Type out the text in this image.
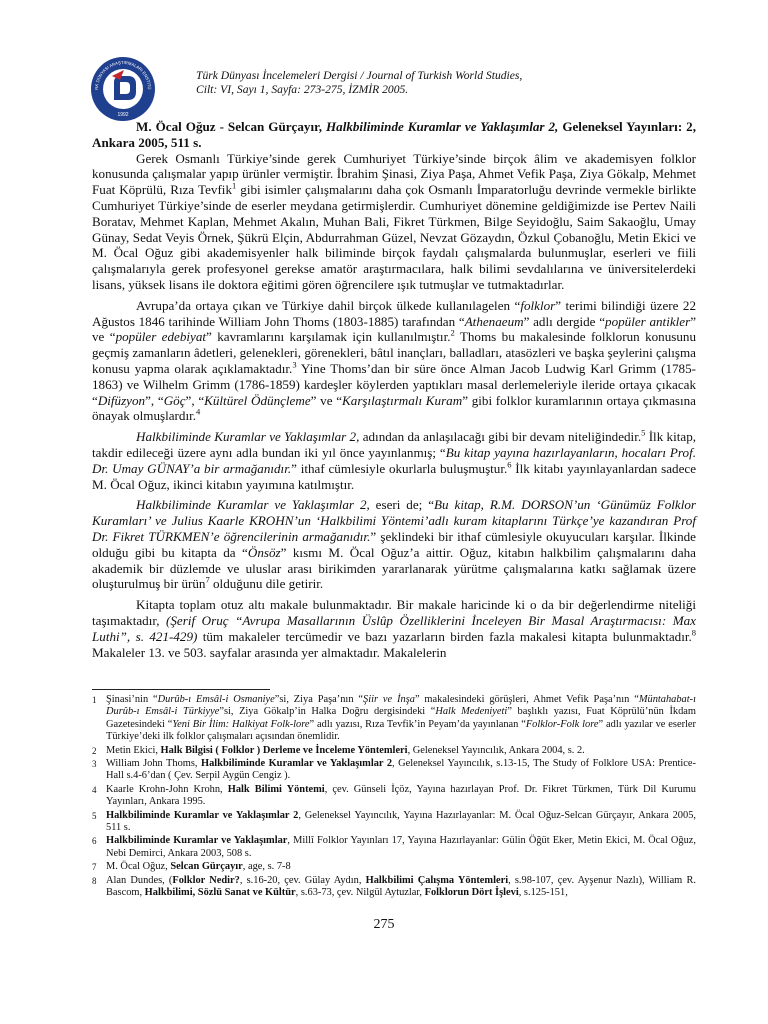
1992
RK DÜNYASI ARAŞTIRMALARI ENSTİTÜ
Türk Dünyası İncelemeleri Dergisi / Journal of Turkish World Studies,
Cilt: VI, Sayı 1, Sayfa: 273-275, İZMİR 2005.

M. Öcal Oğuz - Selcan Gürçayır, Halkbiliminde Kuramlar ve Yaklaşımlar 2, Geleneksel Yayınları: 2, Ankara 2005, 511 s.

Gerek Osmanlı Türkiye’sinde gerek Cumhuriyet Türkiye’sinde birçok âlim ve akademisyen folklor konusunda çalışmalar yapıp ürünler vermiştir. İbrahim Şinasi, Ziya Paşa, Ahmet Vefik Paşa, Ziya Gökalp, Mehmet Fuat Köprülü, Rıza Tevfik$^1$ gibi isimler çalışmalarını daha çok Osmanlı İmparatorluğu devrinde vermekle birlikte Cumhuriyet Türkiye’sinde de eserler meydana getirmişlerdir. Cumhuriyet dönemine geldiğimizde ise Pertev Naili Boratav, Mehmet Kaplan, Mehmet Akalın, Muhan Bali, Fikret Türkmen, Bilge Seyidoğlu, Saim Sakaoğlu, Umay Günay, Sedat Veyis Örnek, Şükrü Elçin, Abdurrahman Güzel, Nevzat Gözaydın, Özkul Çobanoğlu, Metin Ekici ve M. Öcal Oğuz gibi akademisyenler halk biliminde birçok faydalı çalışmalarda bulunmuşlar, eserleri ve fiili çalışmalarıyla gerek profesyonel gerekse amatör araştırmacılara, halk bilimi sevdalılarına ve üniversitelerdeki lisans, yüksek lisans ile doktora eğitimi gören öğrencilere ışık tutmuşlar ve tutmaktadırlar.

Avrupa’da ortaya çıkan ve Türkiye dahil birçok ülkede kullanılagelen “folklor” terimi bilindiği üzere 22 Ağustos 1846 tarihinde William John Thoms (1803-1885) tarafından “Athenaeum” adlı dergide “popüler antikler” ve “popüler edebiyat” kavramlarını karşılamak için kullanılmıştır.$^2$ Thoms bu makalesinde folklorun konusunu geçmiş zamanların âdetleri, gelenekleri, görenekleri, bâtıl inançları, balladları, atasözleri ve başka şeylerini çalışma konusu yapma olarak açıklamaktadır.$^3$ Yine Thoms’dan bir süre önce Alman Jacob Ludwig Karl Grimm (1785-1863) ve Wilhelm Grimm (1786-1859) kardeşler köylerden yaptıkları masal derlemeleriyle ileride ortaya çıkacak “Difüzyon”, “Göç”, “Kültürel Ödünçleme” ve “Karşılaştırmalı Kuram” gibi folklor kuramlarının ortaya çıkmasına önayak olmuşlardır.$^4$

Halkbiliminde Kuramlar ve Yaklaşımlar 2, adından da anlaşılacağı gibi bir devam niteliğindedir.$^5$ İlk kitap, takdir edileceği üzere aynı adla bundan iki yıl önce yayınlanmış; “Bu kitap yayına hazırlayanların, hocaları Prof. Dr. Umay GÜNAY’a bir armağanıdır.” ithaf cümlesiyle okurlarla buluşmuştur.$^6$ İlk kitabı yayınlayanlardan sadece M. Öcal Oğuz, ikinci kitabın yayımına katılmıştır.

Halkbiliminde Kuramlar ve Yaklaşımlar 2, eseri de; “Bu kitap, R.M. DORSON’un ‘Günümüz Folklor Kuramları’ ve Julius Kaarle KROHN’un ‘Halkbilimi Yöntemi’adlı kuram kitaplarını Türkçe’ye kazandıran Prof Dr. Fikret TÜRKMEN’e öğrencilerinin armağanıdır.” şeklindeki bir ithaf cümlesiyle okuyucuları karşılar. İlkinde olduğu gibi bu kitapta da “Önsöz” kısmı M. Öcal Oğuz’a aittir. Oğuz, kitabın halkbilim çalışmalarını daha akademik bir düzlemde ve uluslar arası birikimden yararlanarak yürütme çalışmalarına katkı sağlamak üzere oluşturulmuş bir ürün$^7$ olduğunu dile getirir.

Kitapta toplam otuz altı makale bulunmaktadır. Bir makale haricinde ki o da bir değerlendirme niteliği taşımaktadır, (Şerif Oruç “Avrupa Masallarının Üslûp Özelliklerini İnceleyen Bir Masal Araştırmacısı: Max Luthi”, s. 421-429) tüm makaleler tercümedir ve bazı yazarların birden fazla makalesi kitapta bulunmaktadır.$^8$ Makaleler 13. ve 503. sayfalar arasında yer almaktadır. Makalelerin

1 Şinasi’nin “Durûb-ı Emsâl-i Osmaniye”si, Ziya Paşa’nın “Şiir ve İnşa” makalesindeki görüşleri, Ahmet Vefik Paşa’nın “Müntahabat-ı Durûb-ı Emsâl-i Türkiyye”si, Ziya Gökalp’in Halka Doğru dergisindeki “Halk Medeniyeti” başlıklı yazısı, Fuat Köprülü’nün İkdam Gazetesindeki “Yeni Bir İlim: Halkiyat Folk-lore” adlı yazısı, Rıza Tevfik’in Peyam’da yayınlanan “Folklor-Folk lore” adlı yazılar ve eserler Türkiye’deki ilk folklor çalışmaları açısından önemlidir.
2 Metin Ekici, Halk Bilgisi ( Folklor ) Derleme ve İnceleme Yöntemleri, Geleneksel Yayıncılık, Ankara 2004, s. 2.
3 William John Thoms, Halkbiliminde Kuramlar ve Yaklaşımlar 2, Geleneksel Yayıncılık, s.13-15, The Study of Folklore USA: Prentice-Hall s.4-6’dan ( Çev. Serpil Aygün Cengiz ).
4 Kaarle Krohn-John Krohn, Halk Bilimi Yöntemi, çev. Günseli İçöz, Yayına hazırlayan Prof. Dr. Fikret Türkmen, Türk Dil Kurumu Yayınları, Ankara 1995.
5 Halkbiliminde Kuramlar ve Yaklaşımlar 2, Geleneksel Yayıncılık, Yayına Hazırlayanlar: M. Öcal Oğuz-Selcan Gürçayır, Ankara 2005, 511 s.
6 Halkbiliminde Kuramlar ve Yaklaşımlar, Millî Folklor Yayınları 17, Yayına Hazırlayanlar: Gülin Öğüt Eker, Metin Ekici, M. Öcal Oğuz, Nebi Demirci, Ankara 2003, 508 s.
7 M. Öcal Oğuz, Selcan Gürçayır, age, s. 7-8
8 Alan Dundes, (Folklor Nedir?, s.16-20, çev. Gülay Aydın, Halkbilimi Çalışma Yöntemleri, s.98-107, çev. Ayşenur Nazlı), William R. Bascom, Halkbilimi, Sözlü Sanat ve Kültür, s.63-73, çev. Nilgül Aytuzlar, Folklorun Dört İşlevi, s.125-151,
275
